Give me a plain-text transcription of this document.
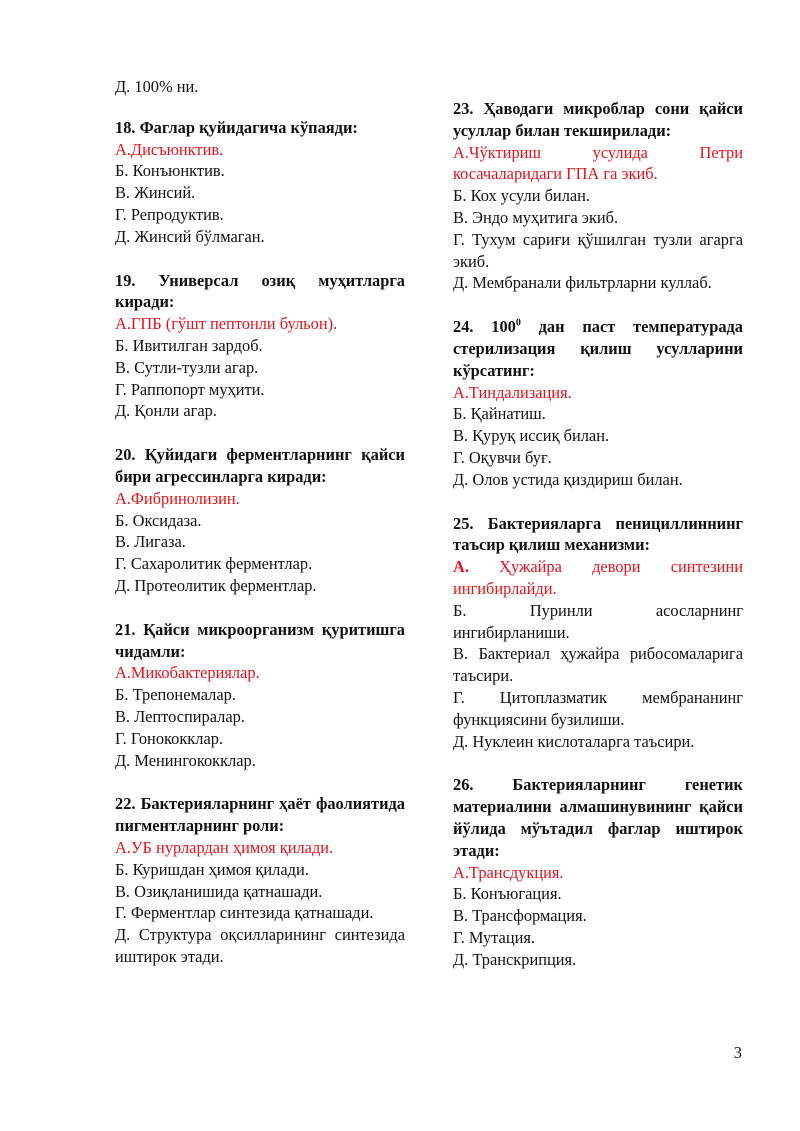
Д. 100% ни.
18. Фаглар қуйидагича кўпаяди:
А.Дисъюнктив.
Б. Конъюнктив.
В. Жинсий.
Г. Репродуктив.
Д. Жинсий бўлмаган.
19. Универсал озиқ муҳитларга киради:
А.ГПБ (гўшт пептонли бульон).
Б. Ивитилган зардоб.
В. Сутли-тузли агар.
Г. Раппопорт муҳити.
Д. Қонли агар.
20. Қуйидаги ферментларнинг қайси бири агрессинларга киради:
А.Фибринолизин.
Б. Оксидаза.
В. Лигаза.
Г. Сахаролитик ферментлар.
Д. Протеолитик ферментлар.
21. Қайси микроорганизм қуритишга чидамли:
А.Микобактериялар.
Б. Трепонемалар.
В. Лептоспиралар.
Г. Гонококклар.
Д. Менингококклар.
22. Бактерияларнинг ҳаёт фаолиятида пигментларнинг роли:
А.УБ нурлардан ҳимоя қилади.
Б. Куришдан ҳимоя қилади.
В. Озиқланишида қатнашади.
Г. Ферментлар синтезида қатнашади.
Д. Структура оқсилларининг синтезида иштирок этади.
23. Ҳаводаги микроблар сони қайси усуллар билан текширилади:
А.Чўктириш усулида Петри косачаларидаги ГПА га экиб.
Б. Кох усули билан.
В. Эндо муҳитига экиб.
Г. Тухум сариғи қўшилган тузли агарга экиб.
Д. Мембранали фильтрларни куллаб.
24. $100^0$ дан паст температурада стерилизация қилиш усулларини кўрсатинг:
А.Тиндализация.
Б. Қайнатиш.
В. Қуруқ иссиқ билан.
Г. Оқувчи буғ.
Д. Олов устида қиздириш билан.
25. Бактерияларга пенициллиннинг таъсир қилиш механизми:
А. Ҳужайра девори синтезини ингибирлайди.
Б. Пуринли асосларнинг ингибирланиши.
В. Бактериал ҳужайра рибосомаларига таъсири.
Г. Цитоплазматик мембрананинг функциясини бузилиши.
Д. Нуклеин кислоталарга таъсири.
26. Бактерияларнинг генетик материалини алмашинувининг қайси йўлида мўътадил фаглар иштирок этади:
А.Трансдукция.
Б. Конъюгация.
В. Трансформация.
Г. Мутация.
Д. Транскрипция.
3
